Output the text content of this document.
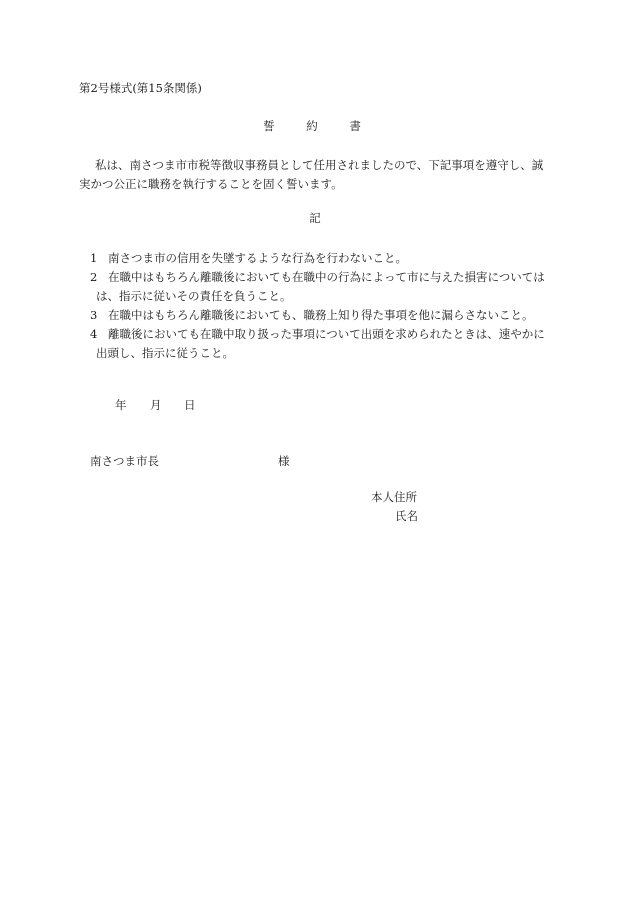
第2号様式(第15条関係)
誓 約 書
私は、南さつま市市税等徴収事務員として任用されましたので、下記事項を遵守し、誠
実かつ公正に職務を執行することを固く誓います。
記
1 南さつま市の信用を失墜するような行為を行わないこと。
2 在職中はもちろん離職後においても在職中の行為によって市に与えた損害については
は、指示に従いその責任を負うこと。
3 在職中はもちろん離職後においても、職務上知り得た事項を他に漏らさないこと。
4 離職後においても在職中取り扱った事項について出頭を求められたときは、速やかに
出頭し、指示に従うこと。
年 月 日
南さつま市長	様
本人住所
氏名
